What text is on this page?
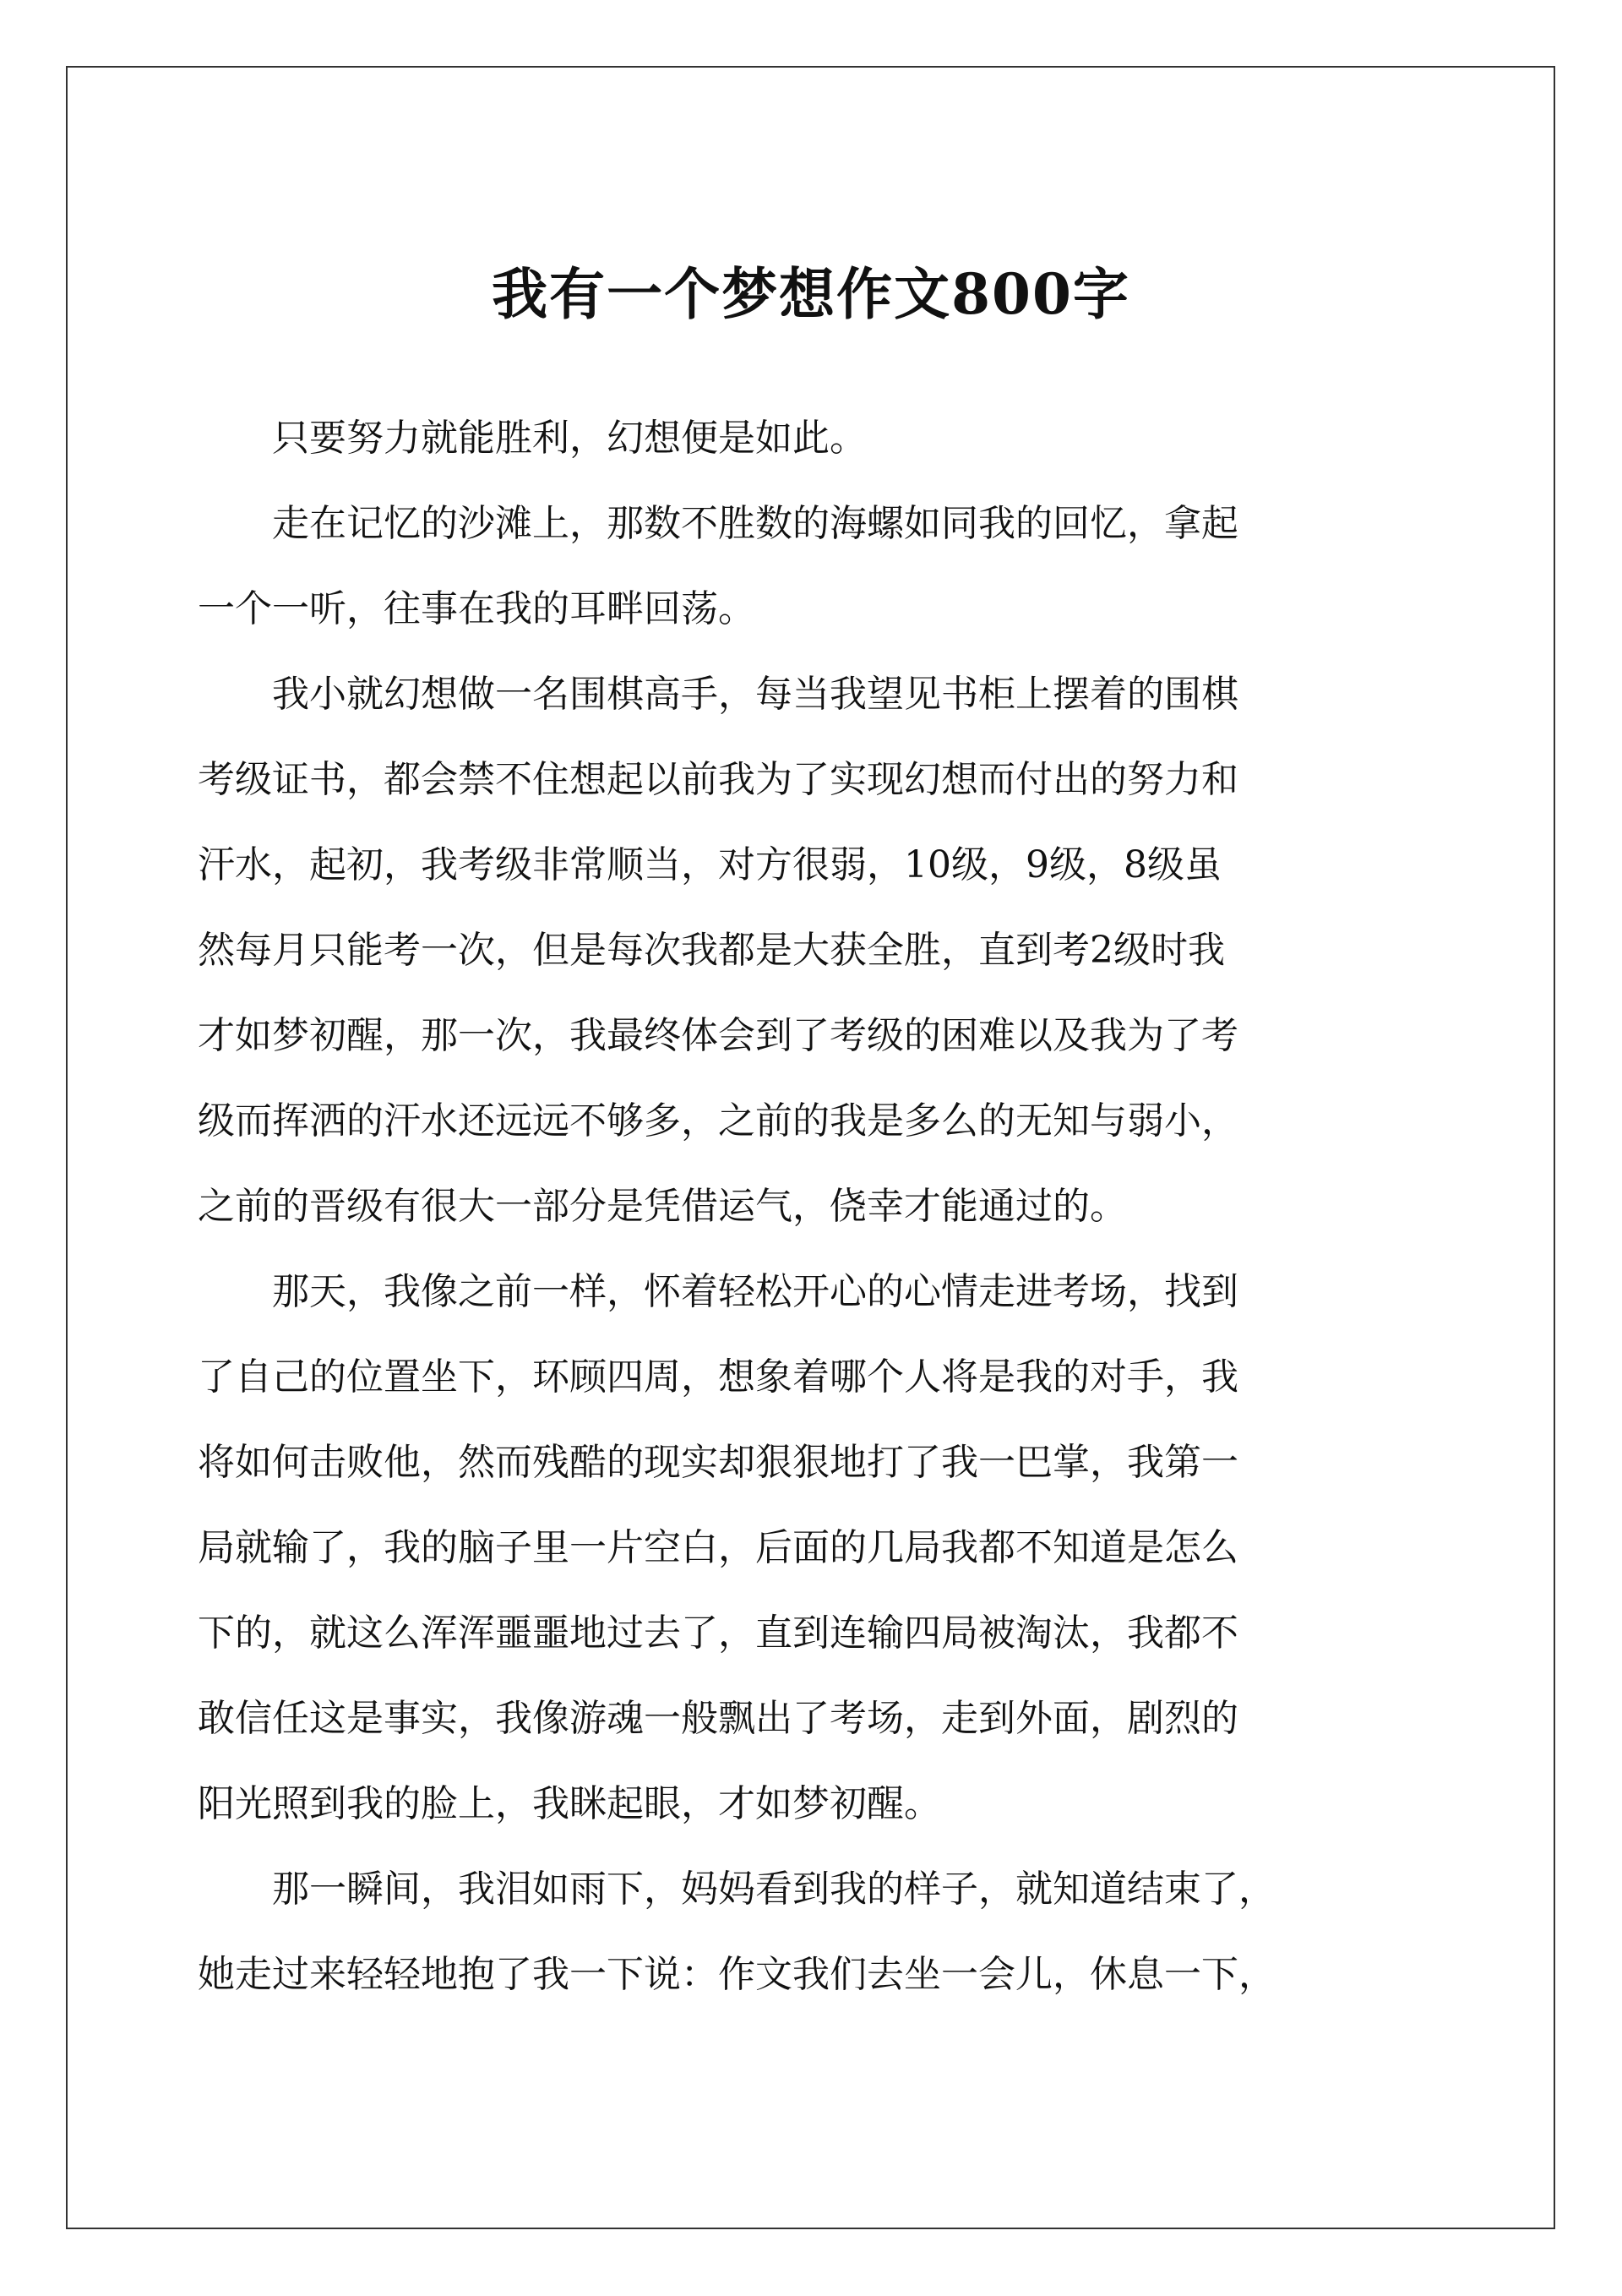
我有一个梦想作文800字

只要努力就能胜利，幻想便是如此。

走在记忆的沙滩上，那数不胜数的海螺如同我的回忆，拿起
一个一听，往事在我的耳畔回荡。

我小就幻想做一名围棋高手，每当我望见书柜上摆着的围棋
考级证书，都会禁不住想起以前我为了实现幻想而付出的努力和
汗水，起初，我考级非常顺当，对方很弱，10级，9级，8级虽
然每月只能考一次，但是每次我都是大获全胜，直到考2级时我
才如梦初醒，那一次，我最终体会到了考级的困难以及我为了考
级而挥洒的汗水还远远不够多，之前的我是多么的无知与弱小，
之前的晋级有很大一部分是凭借运气，侥幸才能通过的。

那天，我像之前一样，怀着轻松开心的心情走进考场，找到
了自己的位置坐下，环顾四周，想象着哪个人将是我的对手，我
将如何击败他，然而残酷的现实却狠狠地打了我一巴掌，我第一
局就输了，我的脑子里一片空白，后面的几局我都不知道是怎么
下的，就这么浑浑噩噩地过去了，直到连输四局被淘汰，我都不
敢信任这是事实，我像游魂一般飘出了考场，走到外面，剧烈的
阳光照到我的脸上，我眯起眼，才如梦初醒。

那一瞬间，我泪如雨下，妈妈看到我的样子，就知道结束了，
她走过来轻轻地抱了我一下说：作文我们去坐一会儿，休息一下，
